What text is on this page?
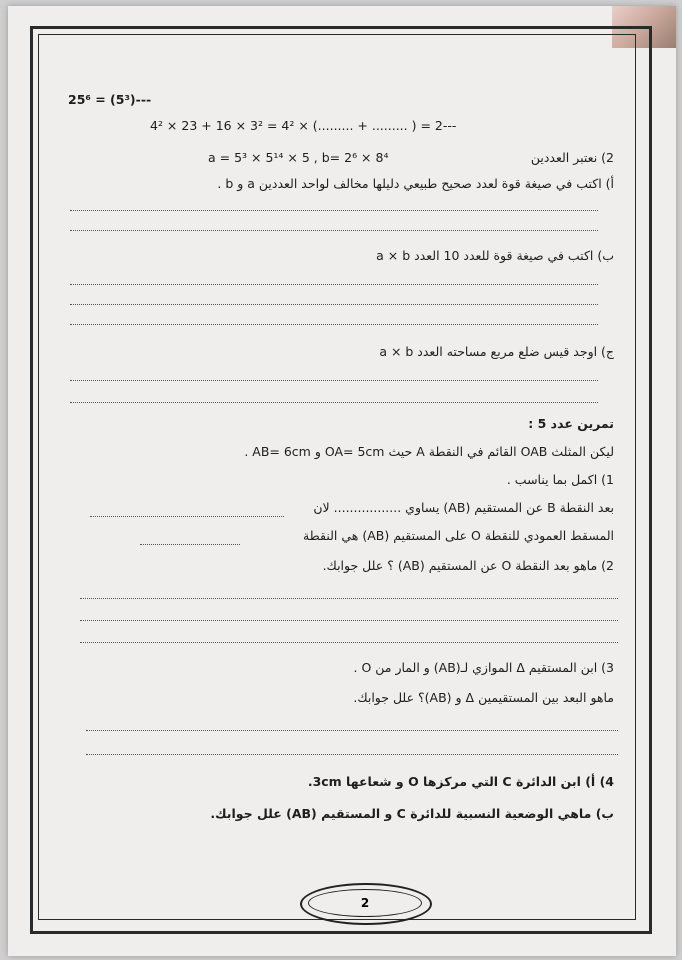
25⁶ = (5³)---
4² × 23 + 16 × 3² = 4² × (......... + ......... ) = 2---
a = 5³ × 5¹⁴ × 5 , b= 2⁶ × 8⁴	2) نعتبر العددين
أ) اكتب في صيغة قوة لعدد صحيح طبيعي دليلها مخالف لواحد العددين a و b .
ب) اكتب في صيغة قوة للعدد 10 العدد a × b
ج) اوجد قيس ضلع مربع مساحته العدد a × b
تمرين عدد 5 :
ليكن المثلث OAB القائم في النقطة A حيث OA= 5cm و AB= 6cm .
1) اكمل بما يناسب .
بعد النقطة B عن المستقيم (AB) يساوي ................. لان
المسقط العمودي للنقطة O على المستقيم (AB) هي النقطة
2) ماهو بعد النقطة O عن المستقيم (AB) ؟ علل جوابك.
3) ابن المستقيم Δ الموازي لـ(AB) و المار من O .
ماهو البعد بين المستقيمين Δ و (AB)؟ علل جوابك.
4) أ) ابن الدائرة C التي مركزها O و شعاعها 3cm.
ب) ماهي الوضعية النسبية للدائرة C و المستقيم (AB) علل جوابك.
2
